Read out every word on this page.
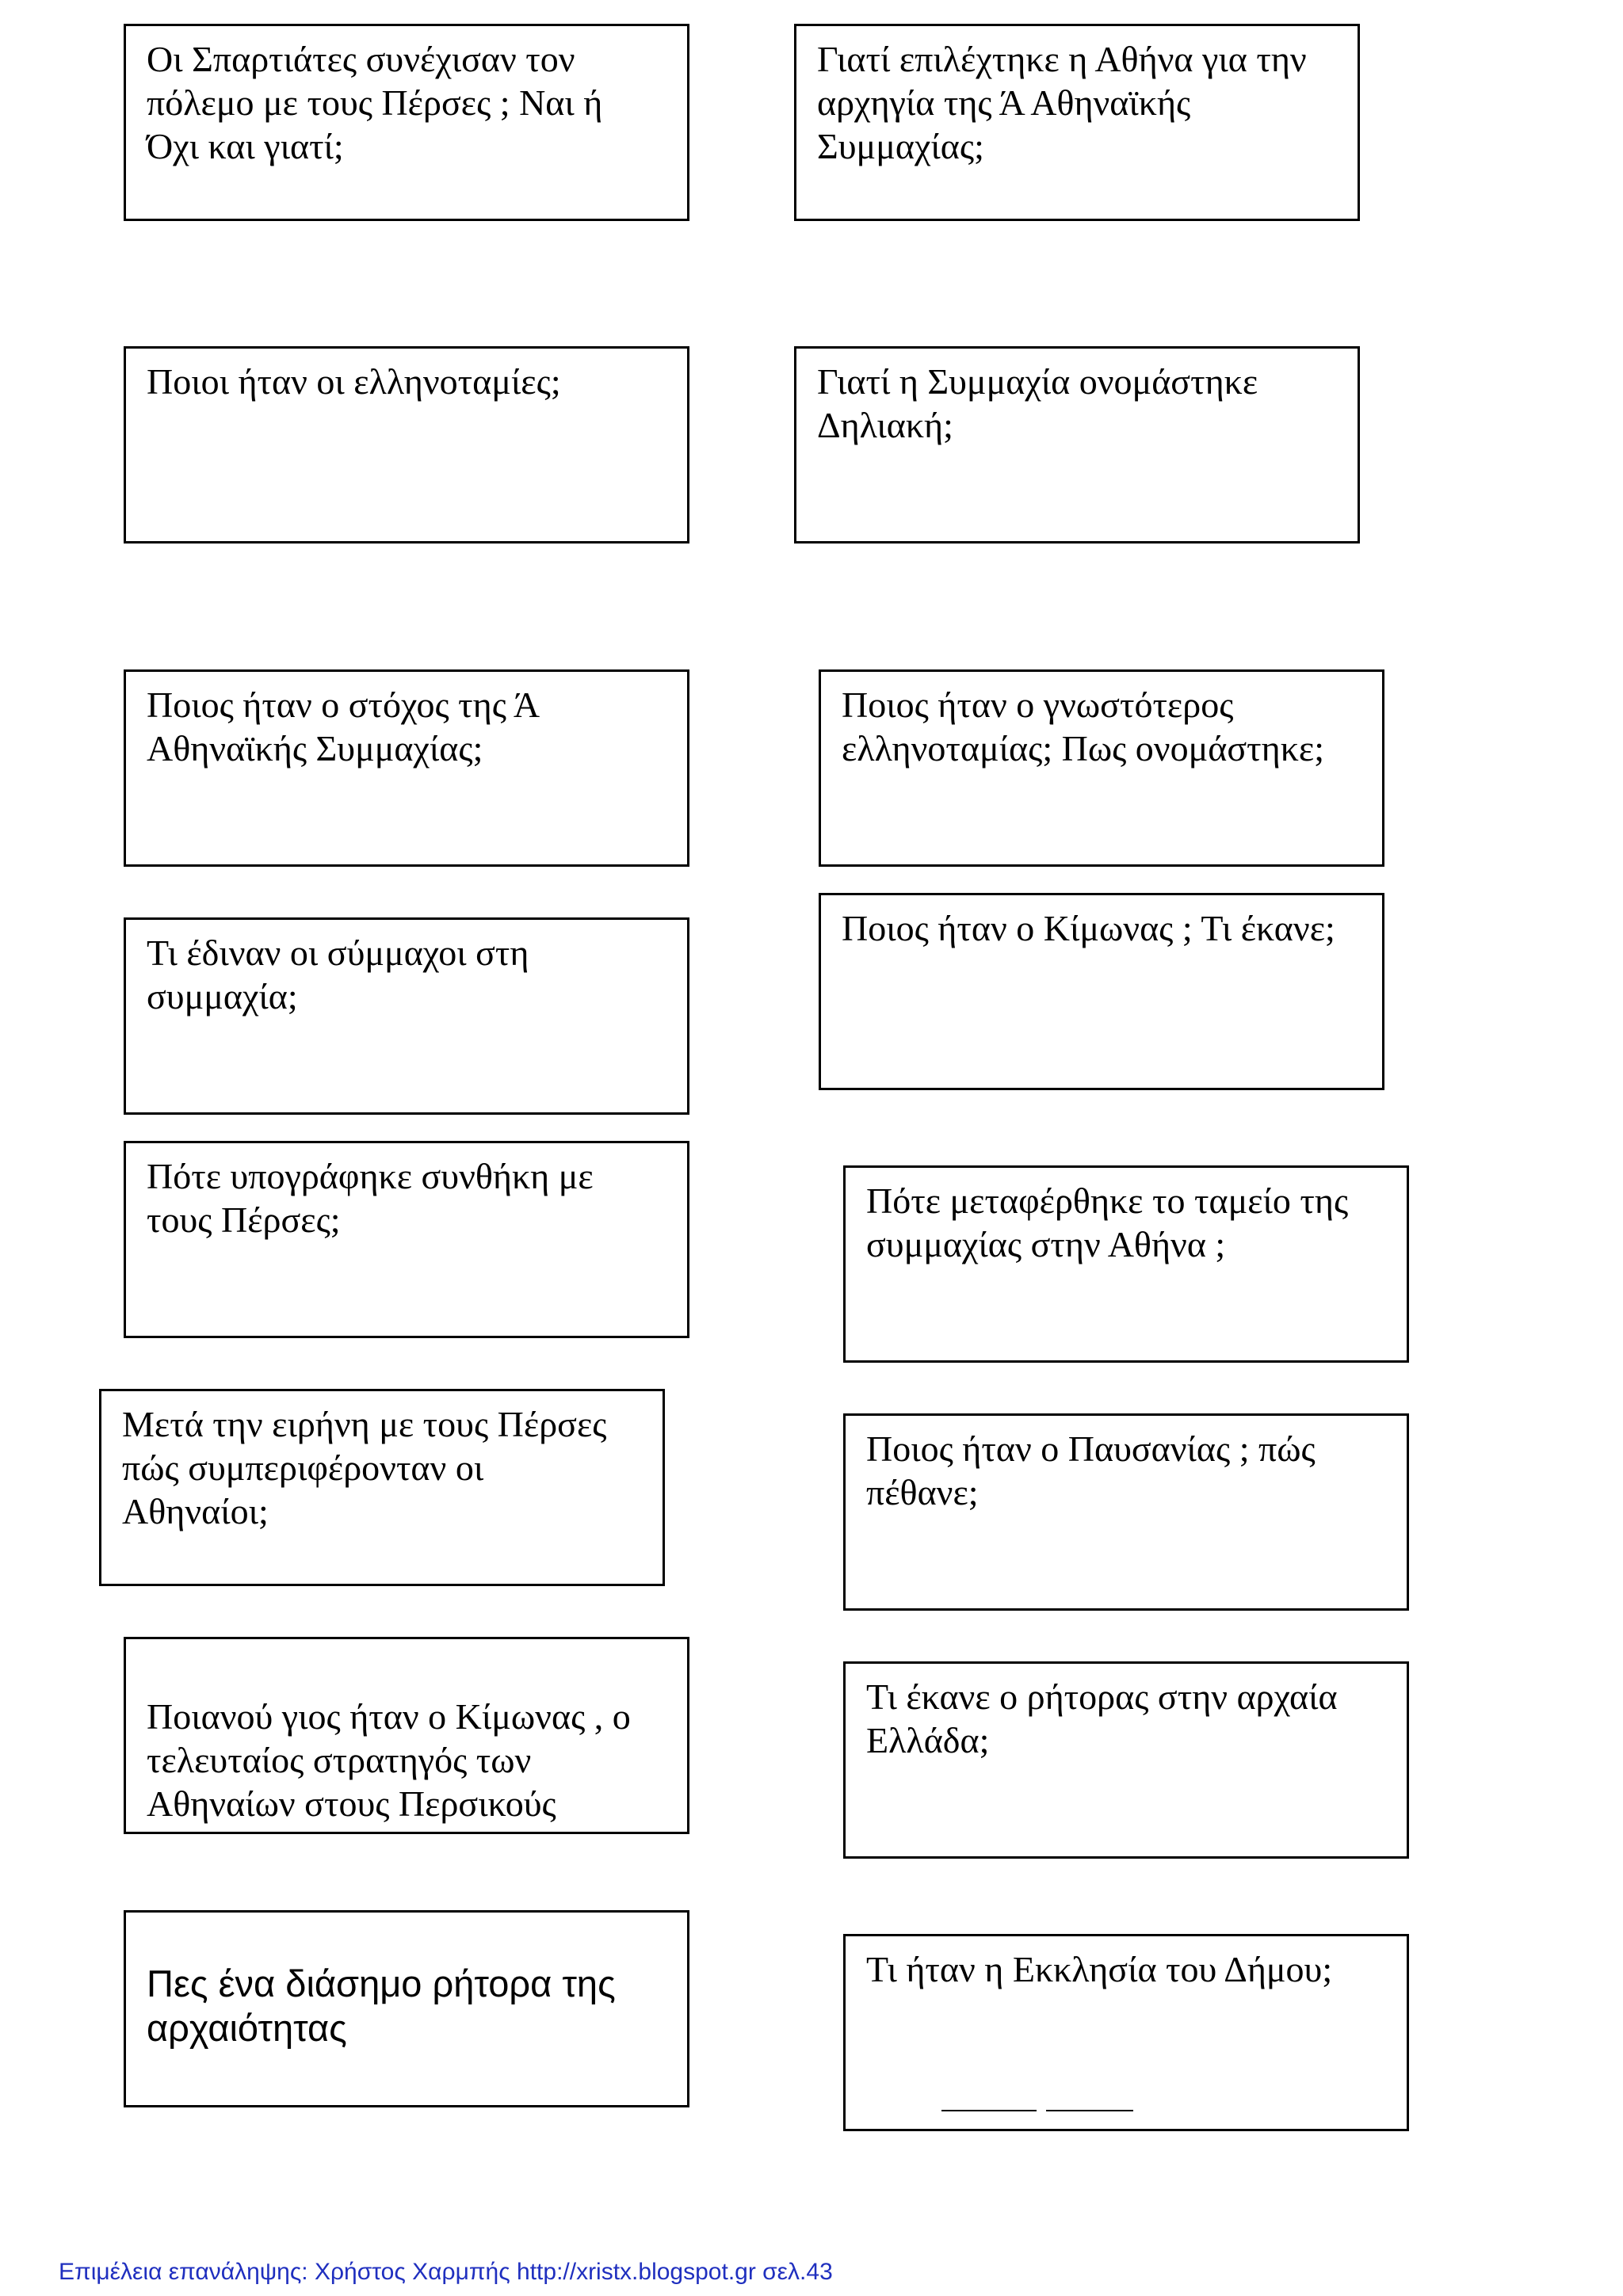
Οι Σπαρτιάτες συνέχισαν τον
πόλεμο με τους Πέρσες ; Ναι ή
Όχι και γιατί;
Γιατί επιλέχτηκε η Αθήνα για την
αρχηγία της Ά Αθηναϊκής
Συμμαχίας;
Ποιοι ήταν οι ελληνοταμίες;	Γιατί η Συμμαχία ονομάστηκε
Δηλιακή;
Ποιος ήταν ο στόχος της Ά
Αθηναϊκής Συμμαχίας;
Ποιος ήταν ο γνωστότερος
ελληνοταμίας; Πως ονομάστηκε;
Τι έδιναν οι σύμμαχοι στη
συμμαχία;
Ποιος ήταν ο Κίμωνας ; Τι έκανε;
Πότε υπογράφηκε συνθήκη με
τους Πέρσες;	Πότε μεταφέρθηκε το ταμείο της
συμμαχίας στην Αθήνα ;
Μετά την ειρήνη με τους Πέρσες
πώς συμπεριφέρονταν οι
Αθηναίοι;
Ποιος ήταν ο Παυσανίας ; πώς
πέθανε;
Ποιανού γιος ήταν ο Κίμωνας , ο
τελευταίος στρατηγός των
Αθηναίων στους Περσικούς
Τι έκανε ο ρήτορας στην αρχαία
Ελλάδα;
Πες ένα διάσημο ρήτορα της
αρχαιότητας
Τι ήταν η Εκκλησία του Δήμου;
Επιμέλεια επανάληψης: Χρήστος Χαρμπής http://xristx.blogspot.gr σελ.43
